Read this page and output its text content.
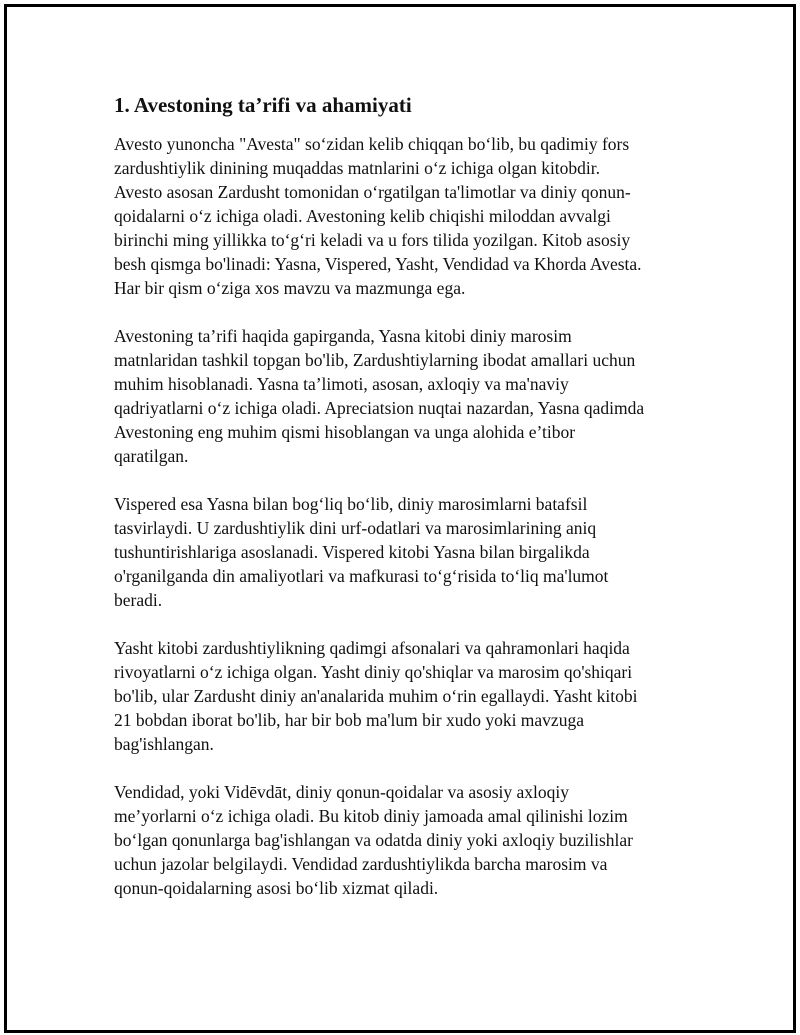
1. Avestoning ta’rifi va ahamiyati

Avesto yunoncha "Avesta" so‘zidan kelib chiqqan bo‘lib, bu qadimiy fors
zardushtiylik dinining muqaddas matnlarini o‘z ichiga olgan kitobdir.
Avesto asosan Zardusht tomonidan o‘rgatilgan ta'limotlar va diniy qonun-
qoidalarni o‘z ichiga oladi. Avestoning kelib chiqishi miloddan avvalgi
birinchi ming yillikka to‘g‘ri keladi va u fors tilida yozilgan. Kitob asosiy
besh qismga bo'linadi: Yasna, Vispered, Yasht, Vendidad va Khorda Avesta.
Har bir qism o‘ziga xos mavzu va mazmunga ega.

Avestoning ta’rifi haqida gapirganda, Yasna kitobi diniy marosim
matnlaridan tashkil topgan bo'lib, Zardushtiylarning ibodat amallari uchun
muhim hisoblanadi. Yasna ta’limoti, asosan, axloqiy va ma'naviy
qadriyatlarni o‘z ichiga oladi. Apreciatsion nuqtai nazardan, Yasna qadimda
Avestoning eng muhim qismi hisoblangan va unga alohida e’tibor
qaratilgan.

Vispered esa Yasna bilan bog‘liq bo‘lib, diniy marosimlarni batafsil
tasvirlaydi. U zardushtiylik dini urf-odatlari va marosimlarining aniq
tushuntirishlariga asoslanadi. Vispered kitobi Yasna bilan birgalikda
o'rganilganda din amaliyotlari va mafkurasi to‘g‘risida to‘liq ma'lumot
beradi.

Yasht kitobi zardushtiylikning qadimgi afsonalari va qahramonlari haqida
rivoyatlarni o‘z ichiga olgan. Yasht diniy qo'shiqlar va marosim qo'shiqari
bo'lib, ular Zardusht diniy an'analarida muhim o‘rin egallaydi. Yasht kitobi
21 bobdan iborat bo'lib, har bir bob ma'lum bir xudo yoki mavzuga
bag'ishlangan.

Vendidad, yoki Vidēvdāt, diniy qonun-qoidalar va asosiy axloqiy
me’yorlarni o‘z ichiga oladi. Bu kitob diniy jamoada amal qilinishi lozim
bo‘lgan qonunlarga bag'ishlangan va odatda diniy yoki axloqiy buzilishlar
uchun jazolar belgilaydi. Vendidad zardushtiylikda barcha marosim va
qonun-qoidalarning asosi bo‘lib xizmat qiladi.
